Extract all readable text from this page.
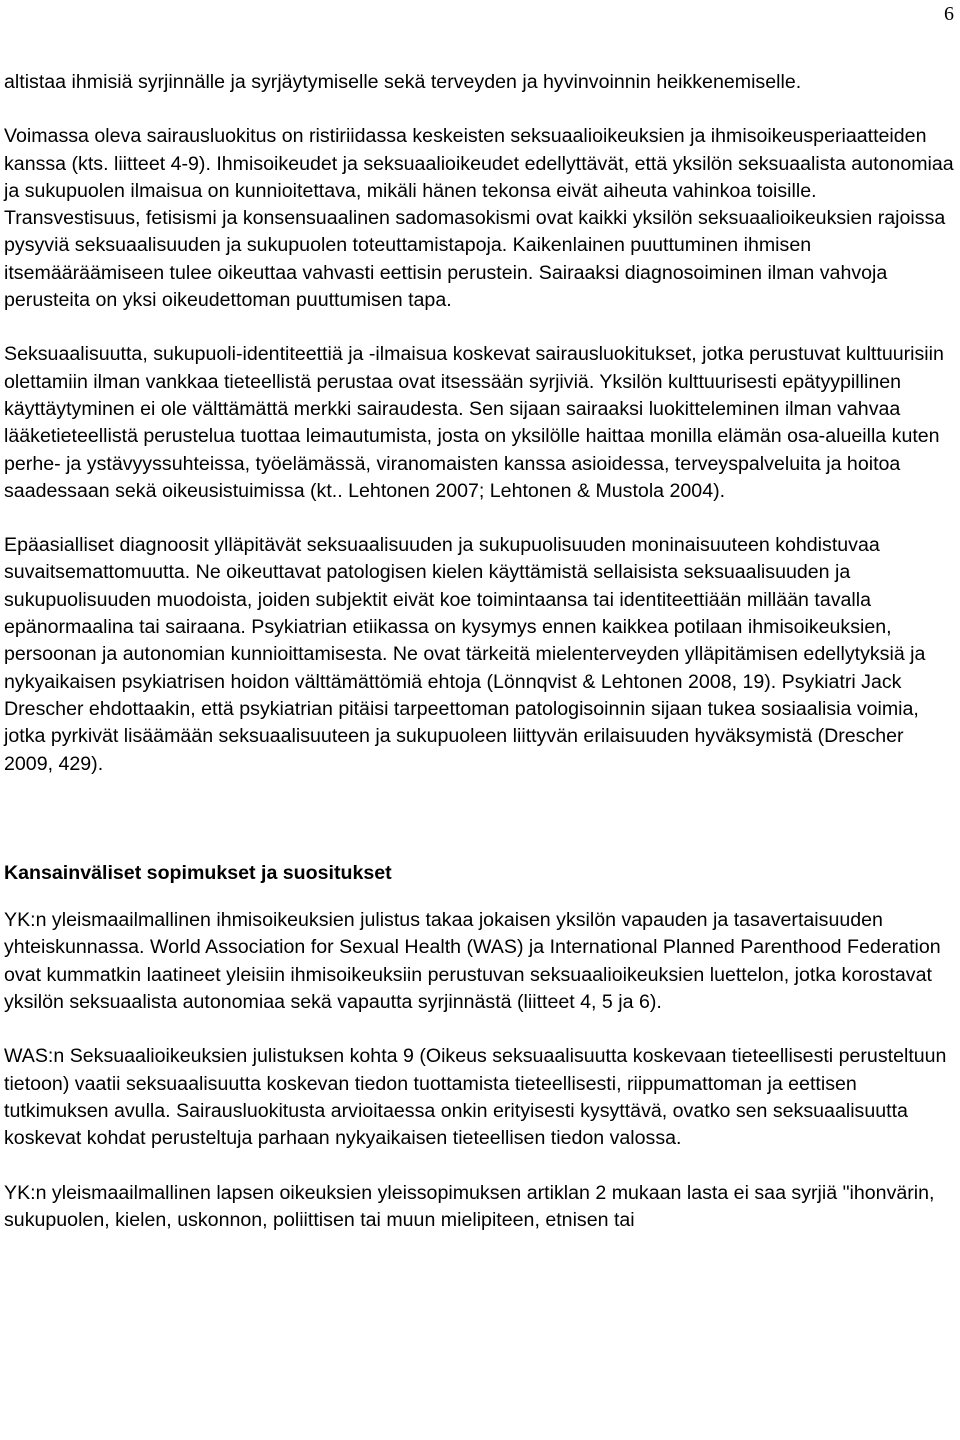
6

altistaa ihmisiä syrjinnälle ja syrjäytymiselle sekä terveyden ja hyvinvoinnin heikkenemiselle.

Voimassa oleva sairausluokitus on ristiriidassa keskeisten seksuaalioikeuksien ja ihmisoikeusperiaatteiden kanssa (kts. liitteet 4-9). Ihmisoikeudet ja seksuaalioikeudet edellyttävät, että yksilön seksuaalista autonomiaa ja sukupuolen ilmaisua on kunnioitettava, mikäli hänen tekonsa eivät aiheuta vahinkoa toisille. Transvestisuus, fetisismi ja konsensuaalinen sadomasokismi ovat kaikki yksilön seksuaalioikeuksien rajoissa pysyviä seksuaalisuuden ja sukupuolen toteuttamistapoja. Kaikenlainen puuttuminen ihmisen itsemääräämiseen tulee oikeuttaa vahvasti eettisin perustein. Sairaaksi diagnosoiminen ilman vahvoja perusteita on yksi oikeudettoman puuttumisen tapa.

Seksuaalisuutta, sukupuoli-identiteettiä ja -ilmaisua koskevat sairausluokitukset, jotka perustuvat kulttuurisiin olettamiin ilman vankkaa tieteellistä perustaa ovat itsessään syrjiviä. Yksilön kulttuurisesti epätyypillinen käyttäytyminen ei ole välttämättä merkki sairaudesta. Sen sijaan sairaaksi luokitteleminen ilman vahvaa lääketieteellistä perustelua tuottaa leimautumista, josta on yksilölle haittaa monilla elämän osa-alueilla kuten perhe- ja ystävyyssuhteissa, työelämässä, viranomaisten kanssa asioidessa, terveyspalveluita ja hoitoa saadessaan sekä oikeusistuimissa (kt.. Lehtonen 2007; Lehtonen & Mustola 2004).

Epäasialliset diagnoosit ylläpitävät seksuaalisuuden ja sukupuolisuuden moninaisuuteen kohdistuvaa suvaitsemattomuutta. Ne oikeuttavat patologisen kielen käyttämistä sellaisista seksuaalisuuden ja sukupuolisuuden muodoista, joiden subjektit eivät koe toimintaansa tai identiteettiään millään tavalla epänormaalina tai sairaana. Psykiatrian etiikassa on kysymys ennen kaikkea potilaan ihmisoikeuksien, persoonan ja autonomian kunnioittamisesta. Ne ovat tärkeitä mielenterveyden ylläpitämisen edellytyksiä ja nykyaikaisen psykiatrisen hoidon välttämättömiä ehtoja (Lönnqvist & Lehtonen 2008, 19). Psykiatri Jack Drescher ehdottaakin, että psykiatrian pitäisi tarpeettoman patologisoinnin sijaan tukea sosiaalisia voimia, jotka pyrkivät lisäämään seksuaalisuuteen ja sukupuoleen liittyvän erilaisuuden hyväksymistä (Drescher 2009, 429).

Kansainväliset sopimukset ja suositukset

YK:n yleismaailmallinen ihmisoikeuksien julistus takaa jokaisen yksilön vapauden ja tasavertaisuuden yhteiskunnassa. World Association for Sexual Health (WAS) ja International Planned Parenthood Federation ovat kummatkin laatineet yleisiin ihmisoikeuksiin perustuvan seksuaalioikeuksien luettelon, jotka korostavat yksilön seksuaalista autonomiaa sekä vapautta syrjinnästä (liitteet 4, 5 ja 6).

WAS:n Seksuaalioikeuksien julistuksen kohta 9 (Oikeus seksuaalisuutta koskevaan tieteellisesti perusteltuun tietoon) vaatii seksuaalisuutta koskevan tiedon tuottamista tieteellisesti, riippumattoman ja eettisen tutkimuksen avulla. Sairausluokitusta arvioitaessa onkin erityisesti kysyttävä, ovatko sen seksuaalisuutta koskevat kohdat perusteltuja parhaan nykyaikaisen tieteellisen tiedon valossa.

YK:n yleismaailmallinen lapsen oikeuksien yleissopimuksen artiklan 2 mukaan lasta ei saa syrjiä "ihonvärin, sukupuolen, kielen, uskonnon, poliittisen tai muun mielipiteen, etnisen tai
